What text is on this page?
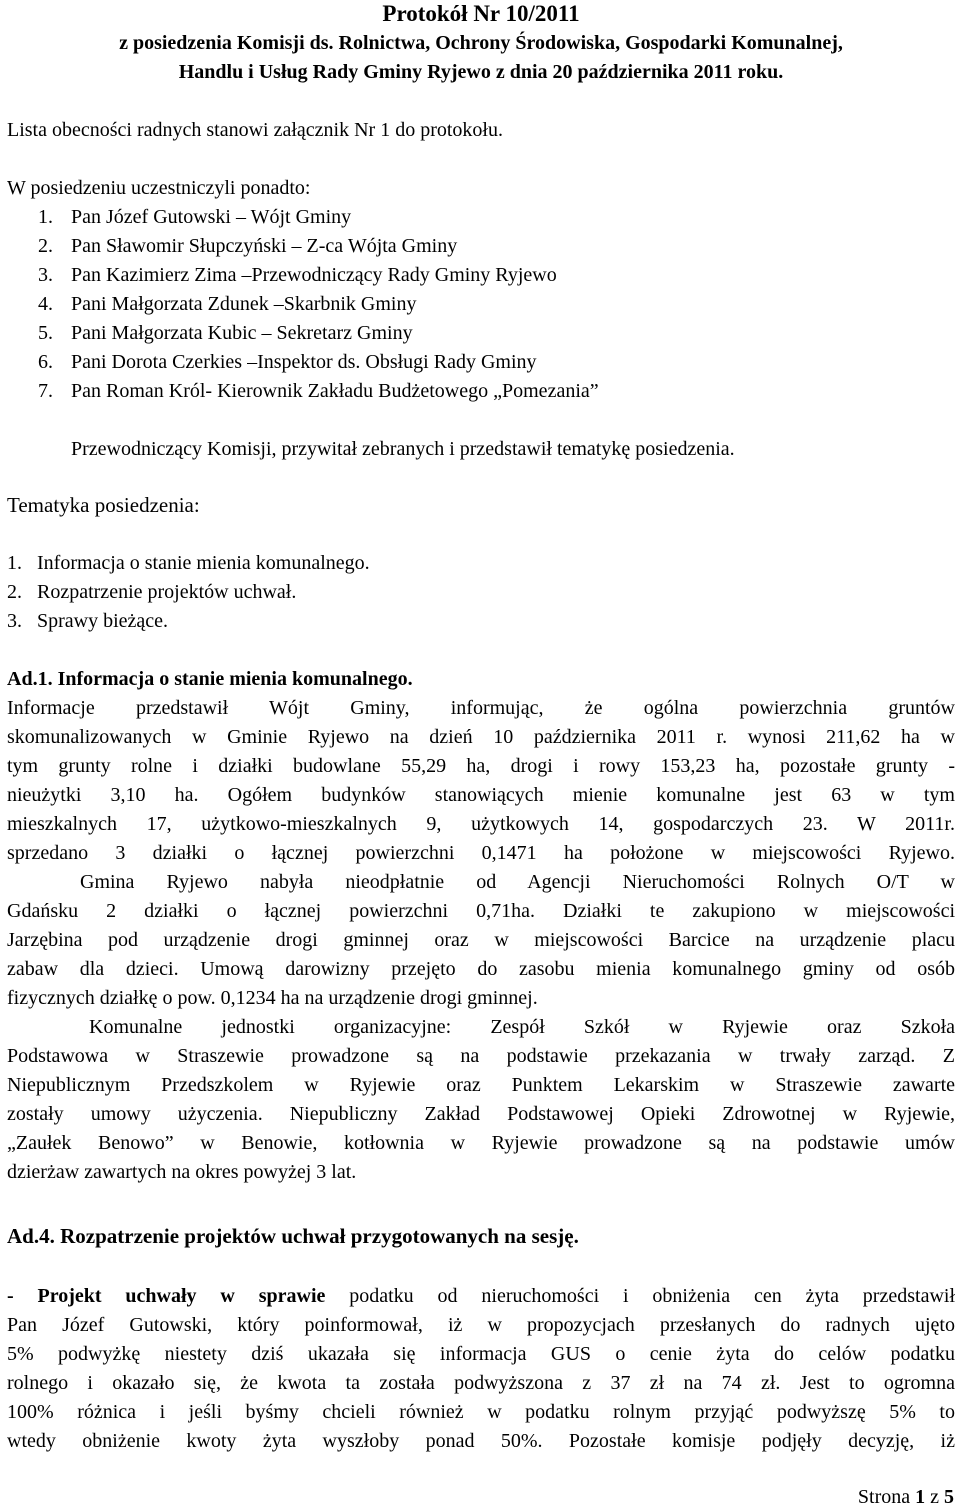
Protokół Nr 10/2011
z posiedzenia Komisji ds. Rolnictwa, Ochrony Środowiska, Gospodarki Komunalnej,
Handlu i Usług Rady Gminy Ryjewo z dnia 20 października 2011 roku.
Lista obecności radnych stanowi załącznik Nr 1 do protokołu.
W posiedzeniu uczestniczyli ponadto:
1. Pan Józef Gutowski – Wójt Gminy
2. Pan Sławomir Słupczyński – Z-ca Wójta Gminy
3. Pan Kazimierz Zima –Przewodniczący Rady Gminy Ryjewo
4. Pani Małgorzata Zdunek –Skarbnik Gminy
5. Pani Małgorzata Kubic – Sekretarz Gminy
6. Pani Dorota Czerkies –Inspektor ds. Obsługi Rady Gminy
7. Pan Roman Król- Kierownik Zakładu Budżetowego „Pomezania”
Przewodniczący Komisji, przywitał zebranych i przedstawił tematykę posiedzenia.
Tematyka posiedzenia:
1. Informacja o stanie mienia komunalnego.
2. Rozpatrzenie projektów uchwał.
3. Sprawy bieżące.
Ad.1. Informacja o stanie mienia komunalnego.
Informacje przedstawił Wójt Gminy, informując, że ogólna powierzchnia gruntów
skomunalizowanych w Gminie Ryjewo na dzień 10 października 2011 r. wynosi 211,62 ha w
tym grunty rolne i działki budowlane 55,29 ha, drogi i rowy 153,23 ha, pozostałe grunty -
nieużytki 3,10 ha. Ogółem budynków stanowiących mienie komunalne jest 63 w tym
mieszkalnych 17, użytkowo-mieszkalnych 9, użytkowych 14, gospodarczych 23. W 2011r.
sprzedano 3 działki o łącznej powierzchni 0,1471 ha położone w miejscowości Ryjewo.
Gmina Ryjewo nabyła nieodpłatnie od Agencji Nieruchomości Rolnych O/T w
Gdańsku 2 działki o łącznej powierzchni 0,71ha. Działki te zakupiono w miejscowości
Jarzębina pod urządzenie drogi gminnej oraz w miejscowości Barcice na urządzenie placu
zabaw dla dzieci. Umową darowizny przejęto do zasobu mienia komunalnego gminy od osób
fizycznych działkę o pow. 0,1234 ha na urządzenie drogi gminnej.
Komunalne jednostki organizacyjne: Zespół Szkół w Ryjewie oraz Szkoła
Podstawowa w Straszewie prowadzone są na podstawie przekazania w trwały zarząd. Z
Niepublicznym Przedszkolem w Ryjewie oraz Punktem Lekarskim w Straszewie zawarte
zostały umowy użyczenia. Niepubliczny Zakład Podstawowej Opieki Zdrowotnej w Ryjewie,
„Zaułek Benowo” w Benowie, kotłownia w Ryjewie prowadzone są na podstawie umów
dzierżaw zawartych na okres powyżej 3 lat.
Ad.4. Rozpatrzenie projektów uchwał przygotowanych na sesję.
- Projekt uchwały w sprawie podatku od nieruchomości i obniżenia cen żyta przedstawił
Pan Józef Gutowski, który poinformował, iż w propozycjach przesłanych do radnych ujęto
5% podwyżkę niestety dziś ukazała się informacja GUS o cenie żyta do celów podatku
rolnego i okazało się, że kwota ta została podwyższona z 37 zł na 74 zł. Jest to ogromna
100% różnica i jeśli byśmy chcieli również w podatku rolnym przyjąć podwyższę 5% to
wtedy obniżenie kwoty żyta wyszłoby ponad 50%. Pozostałe komisje podjęły decyzję, iż
Strona 1 z 5
